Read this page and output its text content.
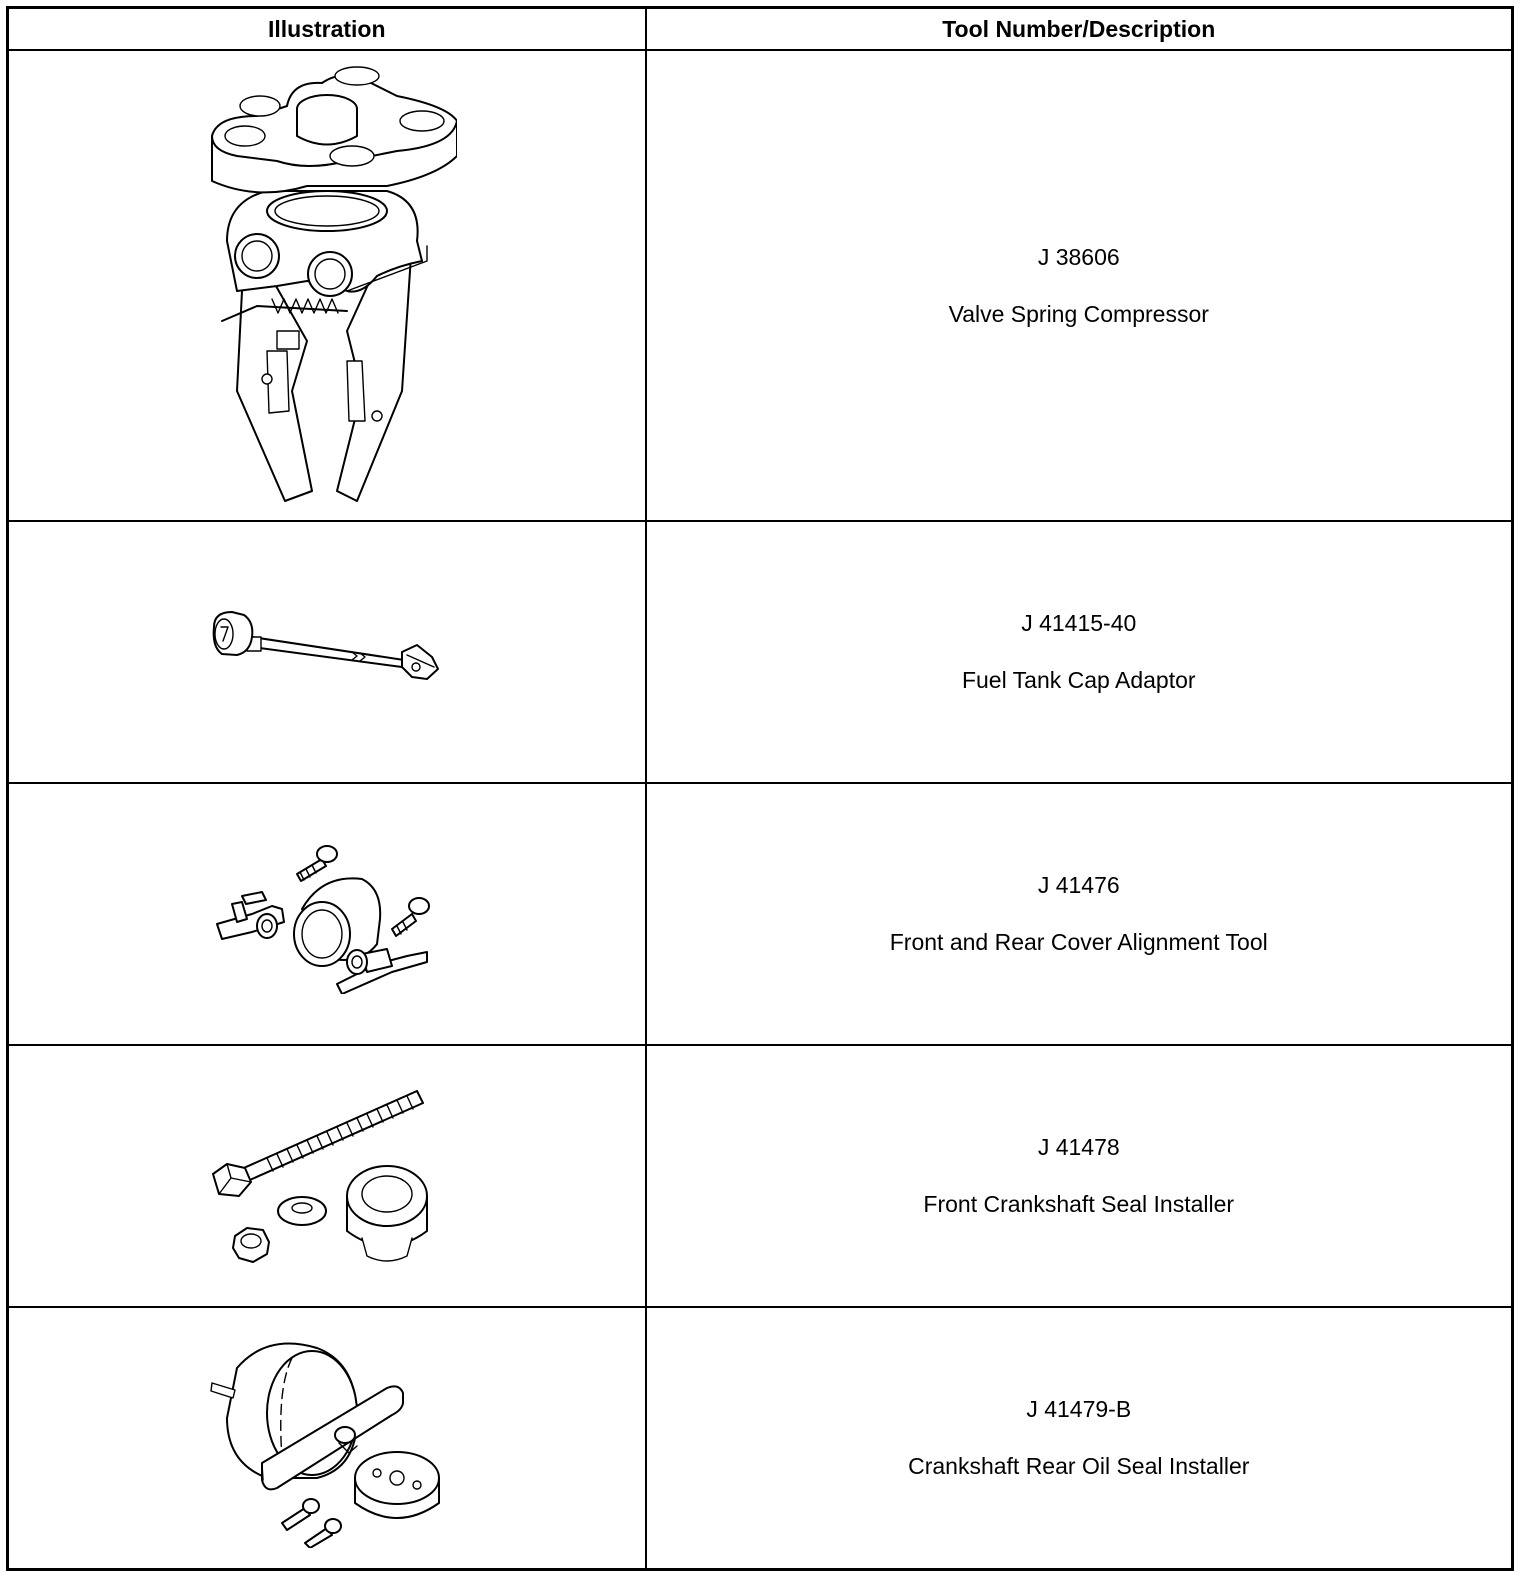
Illustration	Tool Number/Description

J 38606
Valve Spring Compressor

J 41415-40
Fuel Tank Cap Adaptor

J 41476
Front and Rear Cover Alignment Tool

J 41478
Front Crankshaft Seal Installer

J 41479-B
Crankshaft Rear Oil Seal Installer
